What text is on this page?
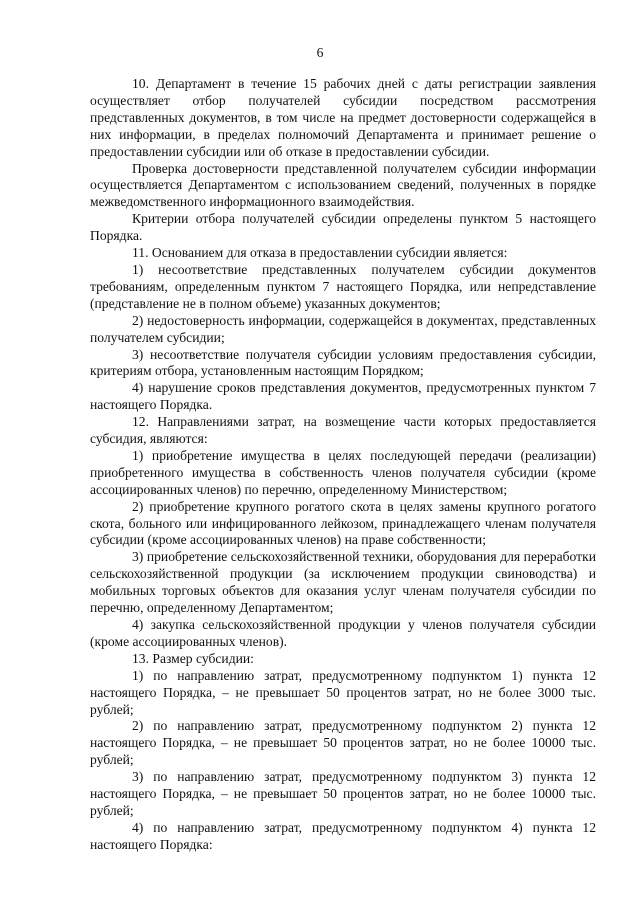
6

10. Департамент в течение 15 рабочих дней с даты регистрации заявления осуществляет отбор получателей субсидии посредством рассмотрения представленных документов, в том числе на предмет достоверности содержащейся в них информации, в пределах полномочий Департамента и принимает решение о предоставлении субсидии или об отказе в предоставлении субсидии.

Проверка достоверности представленной получателем субсидии информации осуществляется Департаментом с использованием сведений, полученных в порядке межведомственного информационного взаимодействия.

Критерии отбора получателей субсидии определены пунктом 5 настоящего Порядка.

11. Основанием для отказа в предоставлении субсидии является:

1) несоответствие представленных получателем субсидии документов требованиям, определенным пунктом 7 настоящего Порядка, или непредставление (представление не в полном объеме) указанных документов;

2) недостоверность информации, содержащейся в документах, представленных получателем субсидии;

3) несоответствие получателя субсидии условиям предоставления субсидии, критериям отбора, установленным настоящим Порядком;

4) нарушение сроков представления документов, предусмотренных пунктом 7 настоящего Порядка.

12. Направлениями затрат, на возмещение части которых предоставляется субсидия, являются:

1) приобретение имущества в целях последующей передачи (реализации) приобретенного имущества в собственность членов получателя субсидии (кроме ассоциированных членов) по перечню, определенному Министерством;

2) приобретение крупного рогатого скота в целях замены крупного рогатого скота, больного или инфицированного лейкозом, принадлежащего членам получателя субсидии (кроме ассоциированных членов) на праве собственности;

3) приобретение сельскохозяйственной техники, оборудования для переработки сельскохозяйственной продукции (за исключением продукции свиноводства) и мобильных торговых объектов для оказания услуг членам получателя субсидии по перечню, определенному Департаментом;

4) закупка сельскохозяйственной продукции у членов получателя субсидии (кроме ассоциированных членов).

13. Размер субсидии:

1) по направлению затрат, предусмотренному подпунктом 1) пункта 12 настоящего Порядка, – не превышает 50 процентов затрат, но не более 3000 тыс. рублей;

2) по направлению затрат, предусмотренному подпунктом 2) пункта 12 настоящего Порядка, – не превышает 50 процентов затрат, но не более 10000 тыс. рублей;

3) по направлению затрат, предусмотренному подпунктом 3) пункта 12 настоящего Порядка, – не превышает 50 процентов затрат, но не более 10000 тыс. рублей;

4) по направлению затрат, предусмотренному подпунктом 4) пункта 12 настоящего Порядка:
